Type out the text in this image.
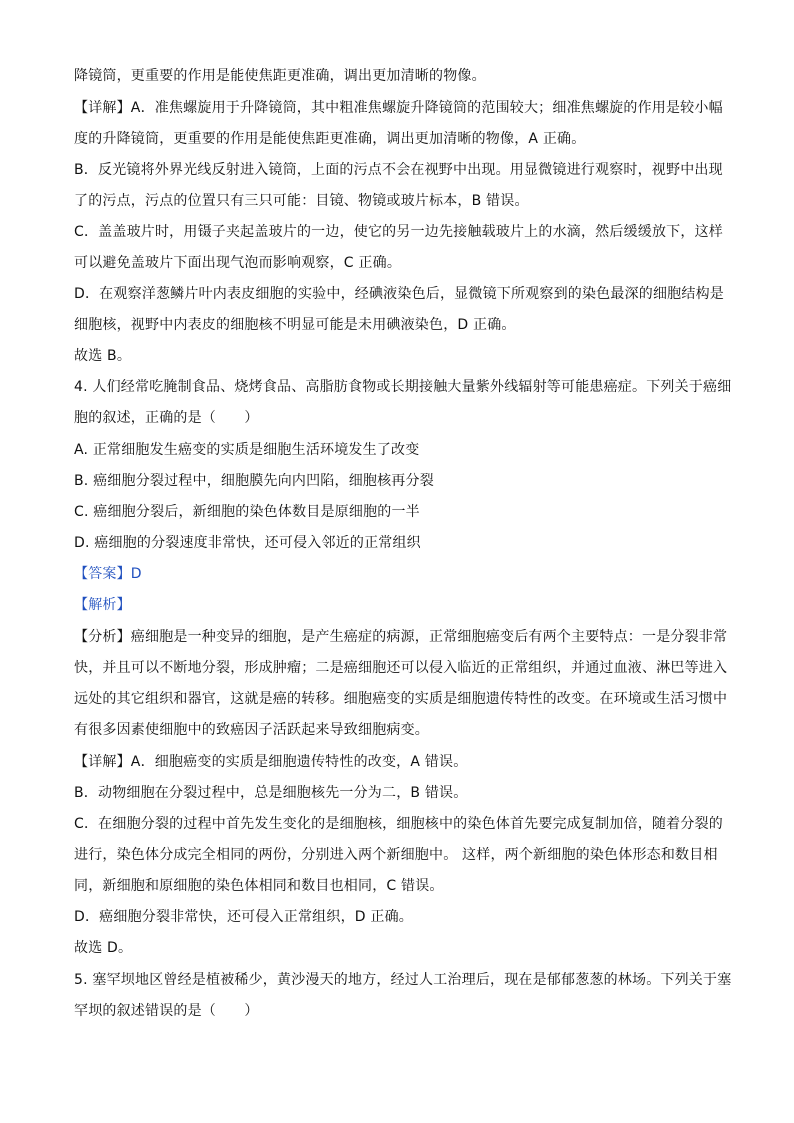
降镜筒，更重要的作用是能使焦距更准确，调出更加清晰的物像。
【详解】A．准焦螺旋用于升降镜筒，其中粗准焦螺旋升降镜筒的范围较大；细准焦螺旋的作用是较小幅
度的升降镜筒，更重要的作用是能使焦距更准确，调出更加清晰的物像，A 正确。
B．反光镜将外界光线反射进入镜筒，上面的污点不会在视野中出现。用显微镜进行观察时，视野中出现
了的污点，污点的位置只有三只可能：目镜、物镜或玻片标本，B 错误。
C．盖盖玻片时，用镊子夹起盖玻片的一边，使它的另一边先接触载玻片上的水滴，然后缓缓放下，这样
可以避免盖玻片下面出现气泡而影响观察，C 正确。
D．在观察洋葱鳞片叶内表皮细胞的实验中，经碘液染色后，显微镜下所观察到的染色最深的细胞结构是
细胞核，视野中内表皮的细胞核不明显可能是未用碘液染色，D 正确。
故选 B。
4. 人们经常吃腌制食品、烧烤食品、高脂肪食物或长期接触大量紫外线辐射等可能患癌症。下列关于癌细
胞的叙述，正确的是（　　）
A. 正常细胞发生癌变的实质是细胞生活环境发生了改变
B. 癌细胞分裂过程中，细胞膜先向内凹陷，细胞核再分裂
C. 癌细胞分裂后，新细胞的染色体数目是原细胞的一半
D. 癌细胞的分裂速度非常快，还可侵入邻近的正常组织
【答案】D
【解析】
【分析】癌细胞是一种变异的细胞，是产生癌症的病源，正常细胞癌变后有两个主要特点：一是分裂非常
快，并且可以不断地分裂，形成肿瘤；二是癌细胞还可以侵入临近的正常组织，并通过血液、淋巴等进入
远处的其它组织和器官，这就是癌的转移。细胞癌变的实质是细胞遗传特性的改变。在环境或生活习惯中
有很多因素使细胞中的致癌因子活跃起来导致细胞病变。
【详解】A．细胞癌变的实质是细胞遗传特性的改变，A 错误。
B．动物细胞在分裂过程中，总是细胞核先一分为二，B 错误。
C．在细胞分裂的过程中首先发生变化的是细胞核，细胞核中的染色体首先要完成复制加倍，随着分裂的
进行，染色体分成完全相同的两份，分别进入两个新细胞中。 这样，两个新细胞的染色体形态和数目相
同，新细胞和原细胞的染色体相同和数目也相同，C 错误。
D．癌细胞分裂非常快，还可侵入正常组织，D 正确。
故选 D。
5. 塞罕坝地区曾经是植被稀少，黄沙漫天的地方，经过人工治理后，现在是郁郁葱葱的林场。下列关于塞
罕坝的叙述错误的是（　　）
